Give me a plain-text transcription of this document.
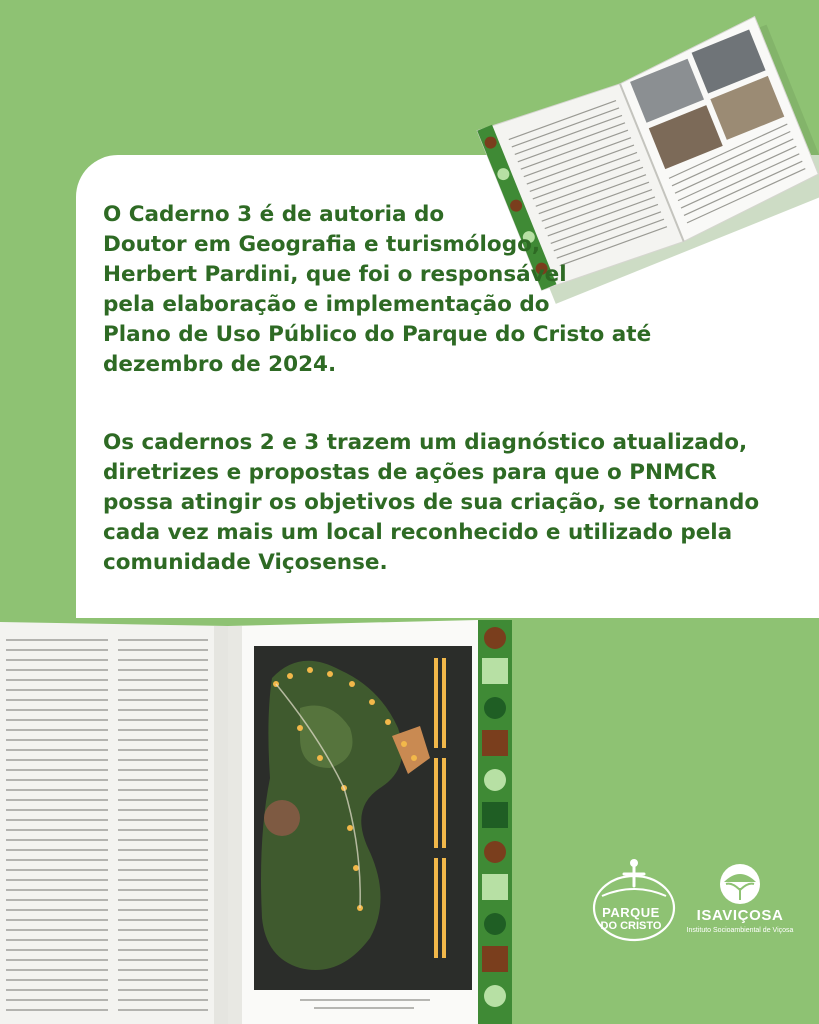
O Caderno 3 é de autoria do
Doutor em Geografia e turismólogo,
Herbert Pardini, que foi o responsável
pela elaboração e implementação do
Plano de Uso Público do Parque do Cristo até
dezembro de 2024.

Os cadernos 2 e 3 trazem um diagnóstico atualizado,
diretrizes e propostas de ações para que o PNMCR
possa atingir os objetivos de sua criação, se tornando
cada vez mais um local reconhecido e utilizado pela
comunidade Viçosense.

PARQUE

DO CRISTO

ISAVIÇOSA

Instituto Socioambiental de Viçosa
